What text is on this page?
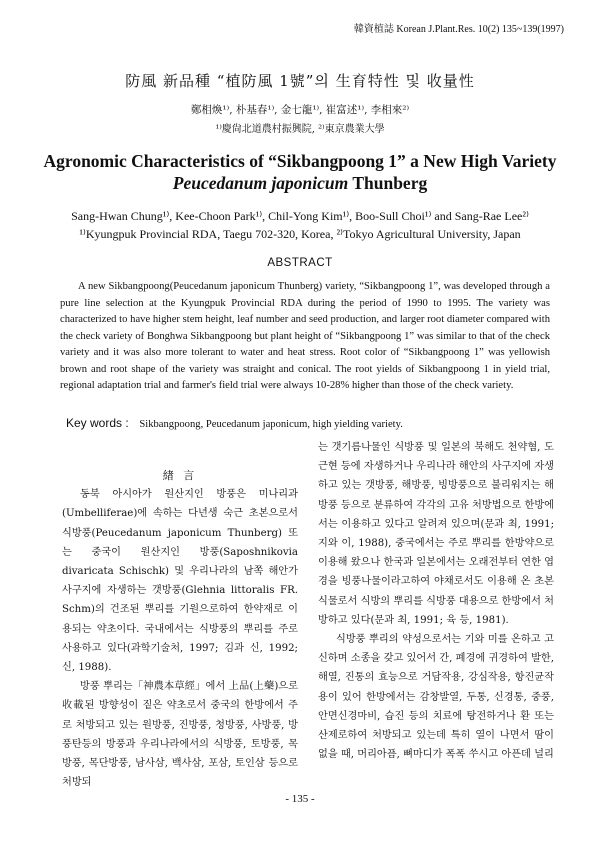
韓資植誌 Korean J.Plant.Res. 10(2) 135~139(1997)
防風 新品種 “植防風 1號”의 生育特性 및 收量性
鄭相煥¹⁾, 朴基春¹⁾, 金七龍¹⁾, 崔富述¹⁾, 李相來²⁾
¹⁾慶尙北道農村振興院, ²⁾東京農業大學
Agronomic Characteristics of “Sikbangpoong 1” a New High Variety
Peucedanum japonicum Thunberg
Sang-Hwan Chung¹⁾, Kee-Choon Park¹⁾, Chil-Yong Kim¹⁾, Boo-Sull Choi¹⁾ and Sang-Rae Lee²⁾
¹⁾Kyungpuk Provincial RDA, Taegu 702-320, Korea, ²⁾Tokyo Agricultural University, Japan
ABSTRACT
A new Sikbangpoong(Peucedanum japonicum Thunberg) variety, “Sikbangpoong 1”, was developed through a pure line selection at the Kyungpuk Provincial RDA during the period of 1990 to 1995. The variety was characterized to have higher stem height, leaf number and seed production, and larger root diameter compared with the check variety of Bonghwa Sikbangpoong but plant height of “Sikbangpoong 1” was similar to that of the check variety and it was also more tolerant to water and heat stress. Root color of “Sikbangpoong 1” was yellowish brown and root shape of the variety was straight and conical. The root yields of Sikbangpoong 1 in yield trial, regional adaptation trial and farmer's field trial were always 10-28% higher than those of the check variety.
Key words : Sikbangpoong, Peucedanum japonicum, high yielding variety.

緖 言

동북 아시아가 원산지인 방풍은 미나리과(Umbelliferae)에 속하는 다년생 숙근 초본으로서 식방풍(Peucedanum japonicum Thunberg) 또는 중국이 원산지인 방풍(Saposhnikovia divaricata Schischk) 및 우리나라의 남쪽 해안가 사구지에 자생하는 갯방풍(Glehnia littoralis FR. Schm)의 건조된 뿌리를 기원으로하여 한약재로 이용되는 약초이다. 국내에서는 식방풍의 뿌리를 주로 사용하고 있다(과학기술처, 1997; 김과 신, 1992; 신, 1988).

방풍 뿌리는「神農本草經」에서 上品(上藥)으로 收載된 방향성이 짙은 약초로서 중국의 한방에서 주로 처방되고 있는 원방풍, 진방풍, 청방풍, 사방풍, 방풍탄등의 방풍과 우리나라에서의 식방풍, 토방풍, 목방풍, 목단방풍, 남사삼, 백사삼, 포삼, 토인삼 등으로 처방되

는 갯기름나물인 식방풍 및 일본의 북해도 천약혐, 도근현 등에 자생하거나 우리나라 해안의 사구지에 자생하고 있는 갯방풍, 해방풍, 빙방풍으로 불리워지는 해방풍 등으로 분류하여 각각의 고유 처방법으로 한방에서는 이용하고 있다고 알려져 있으며(문과 최, 1991; 지와 이, 1988), 중국에서는 주로 뿌리를 한방약으로 이용해 왔으나 한국과 일본에서는 오래전부터 연한 엽경을 빙풍나물이라고하여 야채로서도 이용해 온 초본식물로서 식방의 뿌리를 식방풍 대용으로 한방에서 처방하고 있다(문과 최, 1991; 육 등, 1981).

식방풍 뿌리의 약성으로서는 기와 미를 온하고 고신하며 소종을 갖고 있어서 간, 폐경에 귀경하여 발한, 해열, 진통의 효능으로 거담작용, 강심작용, 항진균작용이 있어 한방에서는 감창발열, 두통, 신경통, 중풍, 안면신경마비, 습진 등의 치료에 탕전하거나 환 또는 산제로하여 처방되고 있는데 특히 열이 나면서 땀이 없을 때, 머리아픔, 뼈마디가 폭폭 쑤시고 아픈데 널리

- 135 -
